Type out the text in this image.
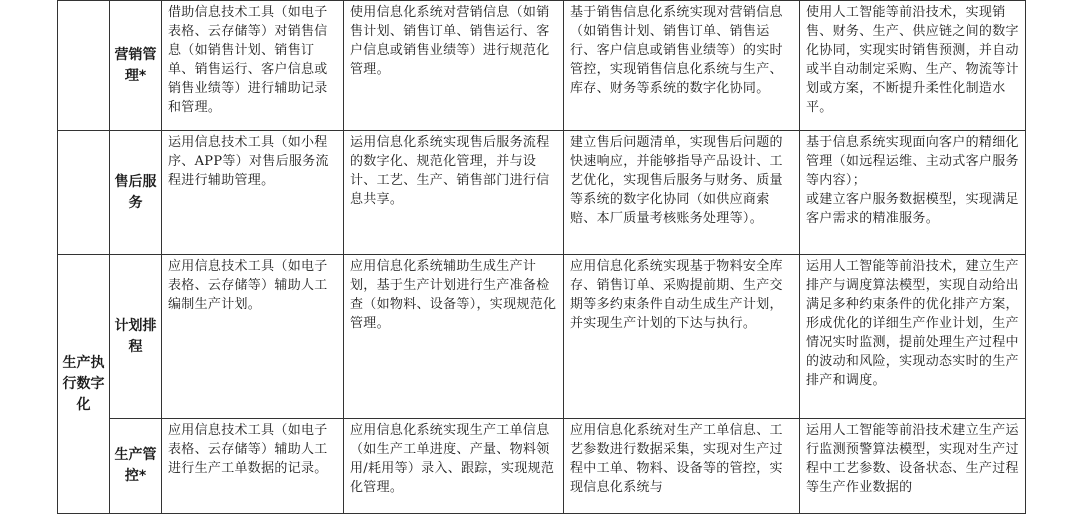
	营销管理*	借助信息技术工具（如电子表格、云存储等）对销售信息（如销售计划、销售订单、销售运行、客户信息或销售业绩等）进行辅助记录和管理。	使用信息化系统对营销信息（如销售计划、销售订单、销售运行、客户信息或销售业绩等）进行规范化管理。	基于销售信息化系统实现对营销信息（如销售计划、销售订单、销售运行、客户信息或销售业绩等）的实时管控，实现销售信息化系统与生产、库存、财务等系统的数字化协同。	使用人工智能等前沿技术，实现销售、财务、生产、供应链之间的数字化协同，实现实时销售预测，并自动或半自动制定采购、生产、物流等计划或方案，不断提升柔性化制造水平。
	售后服务	运用信息技术工具（如小程序、APP等）对售后服务流程进行辅助管理。	运用信息化系统实现售后服务流程的数字化、规范化管理，并与设计、工艺、生产、销售部门进行信息共享。	建立售后问题清单，实现售后问题的快速响应，并能够指导产品设计、工艺优化，实现售后服务与财务、质量等系统的数字化协同（如供应商索赔、本厂质量考核账务处理等）。	基于信息系统实现面向客户的精细化管理（如远程运维、主动式客户服务等内容）；
或建立客户服务数据模型，实现满足客户需求的精准服务。
生产执行数字化	计划排程	应用信息技术工具（如电子表格、云存储等）辅助人工编制生产计划。	应用信息化系统辅助生成生产计划，基于生产计划进行生产准备检查（如物料、设备等），实现规范化管理。	应用信息化系统实现基于物料安全库存、销售订单、采购提前期、生产交期等多约束条件自动生成生产计划，并实现生产计划的下达与执行。	运用人工智能等前沿技术，建立生产排产与调度算法模型，实现自动给出满足多种约束条件的优化排产方案，形成优化的详细生产作业计划，生产情况实时监测，提前处理生产过程中的波动和风险，实现动态实时的生产排产和调度。
	生产管控*	应用信息技术工具（如电子表格、云存储等）辅助人工进行生产工单数据的记录。	应用信息化系统实现生产工单信息（如生产工单进度、产量、物料领用/耗用等）录入、跟踪，实现规范化管理。	应用信息化系统对生产工单信息、工艺参数进行数据采集，实现对生产过程中工单、物料、设备等的管控，实现信息化系统与	运用人工智能等前沿技术建立生产运行监测预警算法模型，实现对生产过程中工艺参数、设备状态、生产过程等生产作业数据的
